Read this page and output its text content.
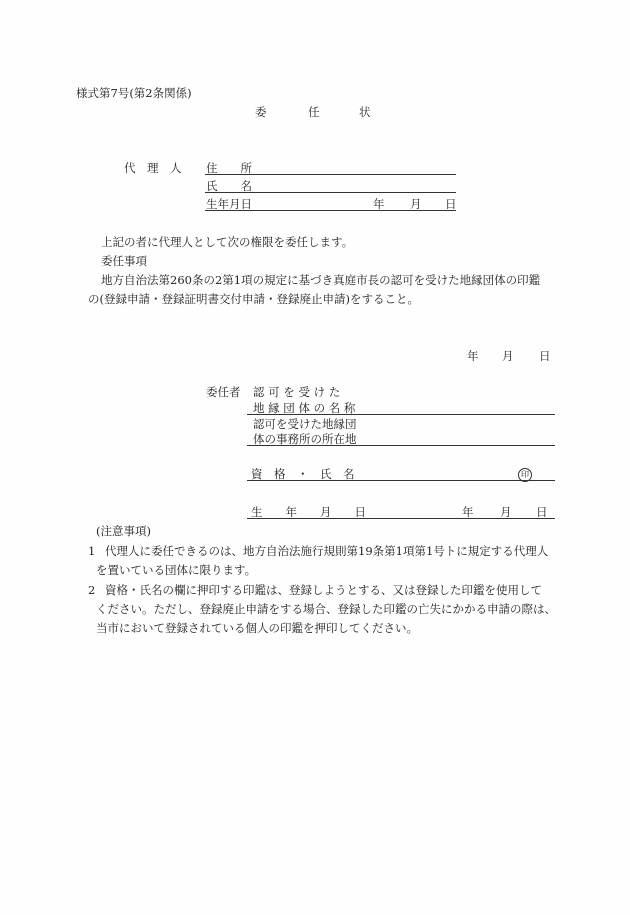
様式第7号(第2条関係)
委	任	状
代　理　人 住　　所
氏　　名
生年月日	年 月 日
上記の者に代理人として次の権限を委任します。
委任事項
地方自治法第260条の2第1項の規定に基づき真庭市長の認可を受けた地縁団体の印鑑
の(登録申請・登録証明書交付申請・登録廃止申請)をすること。
年 月 日
委任者 認 可 を 受 け た
地 縁 団 体 の 名 称
認可を受けた地縁団
体の事務所の所在地
資　格　・　氏　名	印
生　　年　　月　　日	年 月 日
(注意事項)
1 代理人に委任できるのは、地方自治法施行規則第19条第1項第1号トに規定する代理人
を置いている団体に限ります。
2 資格・氏名の欄に押印する印鑑は、登録しようとする、又は登録した印鑑を使用して
ください。ただし、登録廃止申請をする場合、登録した印鑑の亡失にかかる申請の際は、
当市において登録されている個人の印鑑を押印してください。
